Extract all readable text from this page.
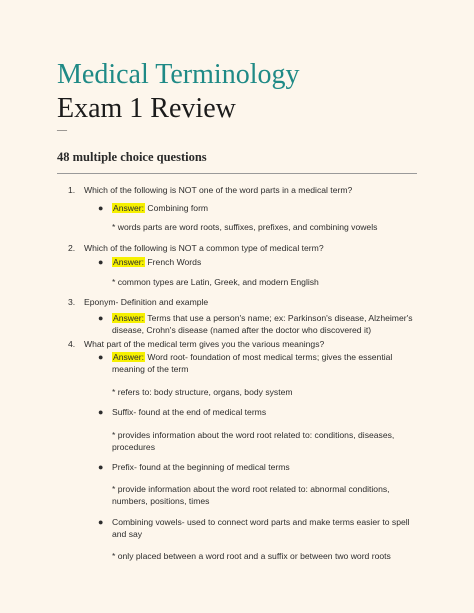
Medical Terminology
Exam 1 Review
—
48 multiple choice questions
1.	Which of the following is NOT one of the word parts in a medical term?
● Answer: Combining form
* words parts are word roots, suffixes, prefixes, and combining vowels
2.	Which of the following is NOT a common type of medical term?
● Answer: French Words
* common types are Latin, Greek, and modern English
3.	Eponym- Definition and example
● Answer: Terms that use a person's name; ex: Parkinson's disease, Alzheimer's disease, Crohn's disease (named after the doctor who discovered it)
4.	What part of the medical term gives you the various meanings?
● Answer: Word root- foundation of most medical terms; gives the essential meaning of the term
* refers to: body structure, organs, body system
● Suffix- found at the end of medical terms
* provides information about the word root related to: conditions, diseases, procedures
● Prefix- found at the beginning of medical terms
* provide information about the word root related to: abnormal conditions, numbers, positions, times
● Combining vowels- used to connect word parts and make terms easier to spell and say
* only placed between a word root and a suffix or between two word roots
